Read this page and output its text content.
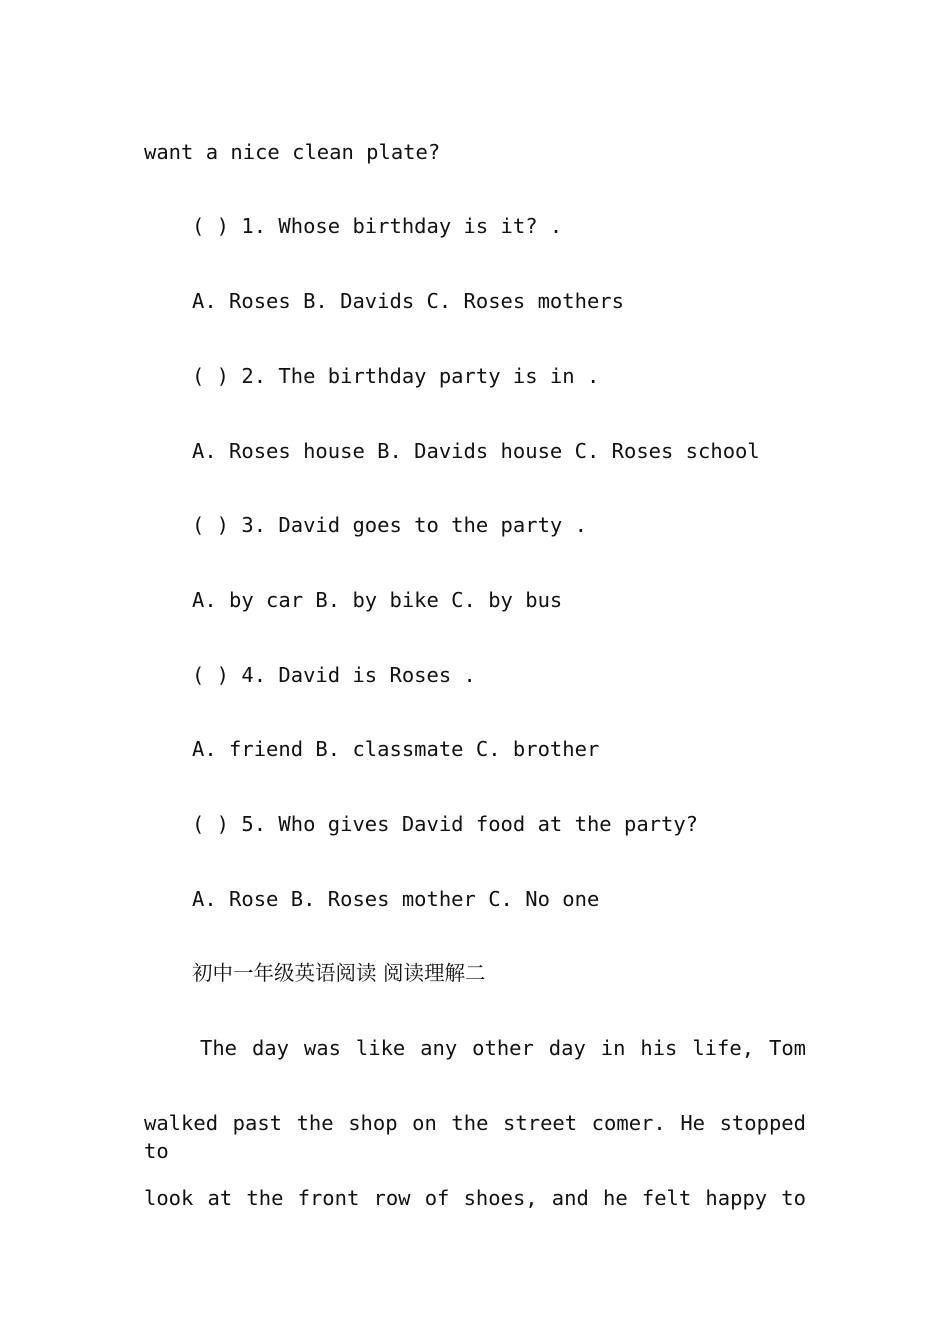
want a nice clean plate?
( ) 1. Whose birthday is it? .
A. Roses B. Davids C. Roses mothers
( ) 2. The birthday party is in .
A. Roses house B. Davids house C. Roses school
( ) 3. David goes to the party .
A. by car B. by bike C. by bus
( ) 4. David is Roses .
A. friend B. classmate C. brother
( ) 5. Who gives David food at the party?
A. Rose B. Roses mother C. No one
初中一年级英语阅读 阅读理解二
The day was like any other day in his life, Tom
walked past the shop on the street comer. He stopped to
look at the front row of shoes, and he felt happy to
